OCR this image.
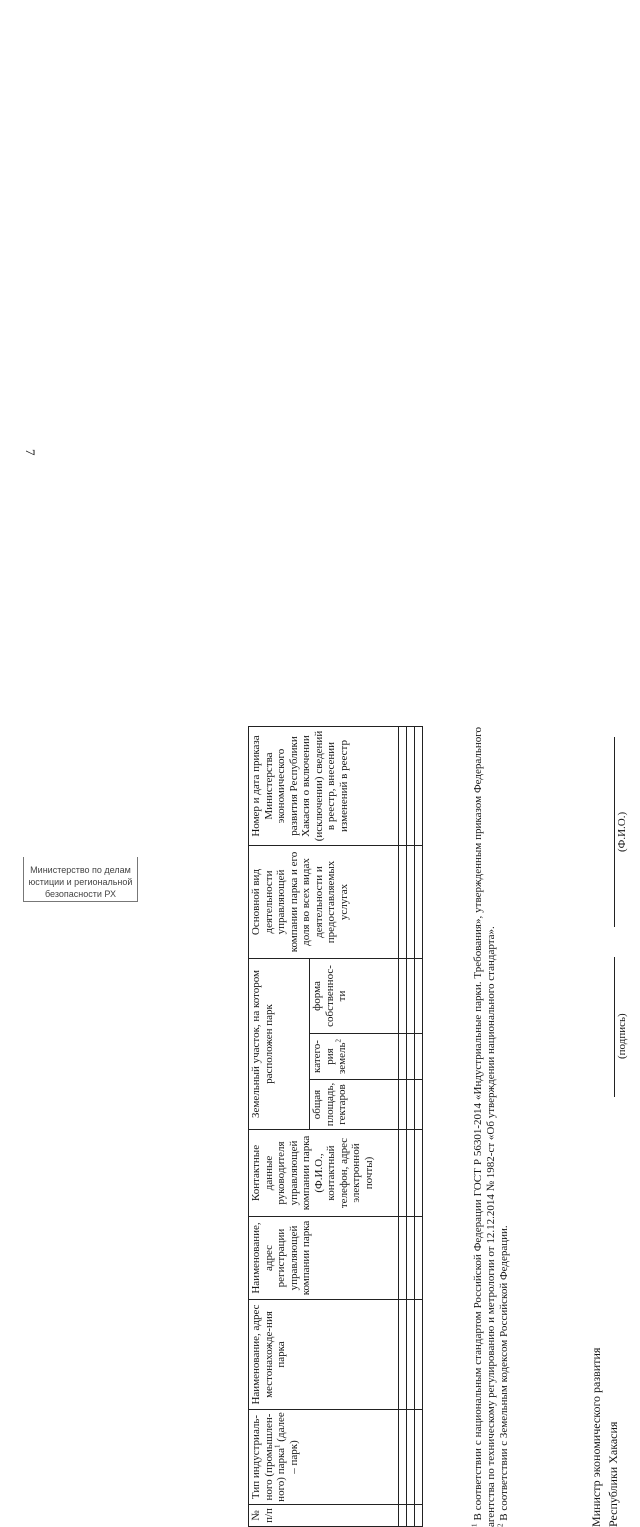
7
№ п/п	Тип индустриаль-ного (промышлен-ного) парка$^1$ (далее – парк)	Наименование, адрес местонахожде-ния парка	Наименование, адрес регистрации управляющей компании парка	Контактные данные руководителя управляющей компании парка (Ф.И.О., контактный телефон, адрес электронной почты)	Земельный участок, на котором расположен парк			Основной вид деятельности управляющей компании парка и его доля во всех видах деятельности и предоставляемых услугах	Номер и дата приказа Министерства экономического развития Республики Хакасия о включении (исключении) сведений в реестр, внесении изменений в реестр
					общая площадь, гектаров	катего-рия земель$^2$	форма собственнос-ти		

$^1$ В соответствии с национальным стандартом Российской Федерации ГОСТ Р 56301-2014 «Индустриальные парки. Требования», утвержденным приказом Федерального агентства по техническому регулированию и метрологии от 12.12.2014 № 1982-ст «Об утверждении национального стандарта». $^2$ В соответствии с Земельным кодексом Российской Федерации.	Министр экономического развития Республики Хакасия
(подпись)
(Ф.И.О.)
Министерство по делам
юстиции и региональной
безопасности РХ
